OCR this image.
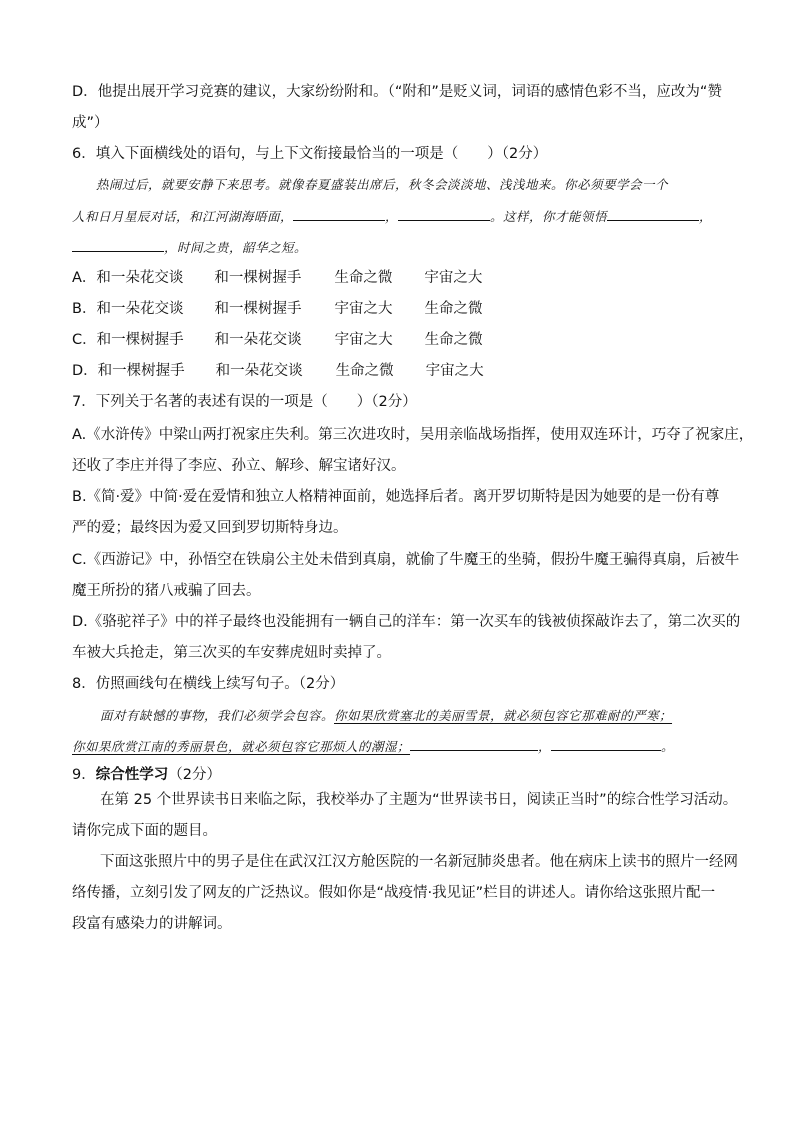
D．他提出展开学习竞赛的建议，大家纷纷附和。（“附和”是贬义词，词语的感情色彩不当，应改为“赞
成”）
6．填入下面横线处的语句，与上下文衔接最恰当的一项是（　　）（2分）
热闹过后，就要安静下来思考。就像春夏盛装出席后，秋冬会淡淡地、浅浅地来。你必须要学会一个
人和日月星辰对话，和江河湖海晤面，	，	。这样，你才能领悟	，
，时间之贵，韶华之短。
A．和一朵花交谈 和一棵树握手 生命之微 宇宙之大
B．和一朵花交谈 和一棵树握手 宇宙之大 生命之微
C．和一棵树握手 和一朵花交谈 宇宙之大 生命之微
D．和一棵树握手 和一朵花交谈 生命之微 宇宙之大
7．下列关于名著的表述有误的一项是（　　）（2分）
A.《水浒传》中梁山两打祝家庄失利。第三次进攻时，吴用亲临战场指挥，使用双连环计，巧夺了祝家庄，
还收了李庄并得了李应、孙立、解珍、解宝诸好汉。
B.《简·爱》中简·爱在爱情和独立人格精神面前，她选择后者。离开罗切斯特是因为她要的是一份有尊
严的爱；最终因为爱又回到罗切斯特身边。
C.《西游记》中，孙悟空在铁扇公主处未借到真扇，就偷了牛魔王的坐骑，假扮牛魔王骗得真扇，后被牛
魔王所扮的猪八戒骗了回去。
D.《骆驼祥子》中的祥子最终也没能拥有一辆自己的洋车：第一次买车的钱被侦探敲诈去了，第二次买的
车被大兵抢走，第三次买的车安葬虎妞时卖掉了。
8．仿照画线句在横线上续写句子。（2分）
面对有缺憾的事物，我们必须学会包容。你如果欣赏塞北的美丽雪景，就必须包容它那难耐的严寒；
你如果欣赏江南的秀丽景色，就必须包容它那烦人的潮湿；	，	。
9．综合性学习（2分）
在第 25 个世界读书日来临之际，我校举办了主题为“世界读书日，阅读正当时”的综合性学习活动。
请你完成下面的题目。
下面这张照片中的男子是住在武汉江汉方舱医院的一名新冠肺炎患者。他在病床上读书的照片一经网
络传播，立刻引发了网友的广泛热议。假如你是“战疫情·我见证”栏目的讲述人。请你给这张照片配一
段富有感染力的讲解词。
